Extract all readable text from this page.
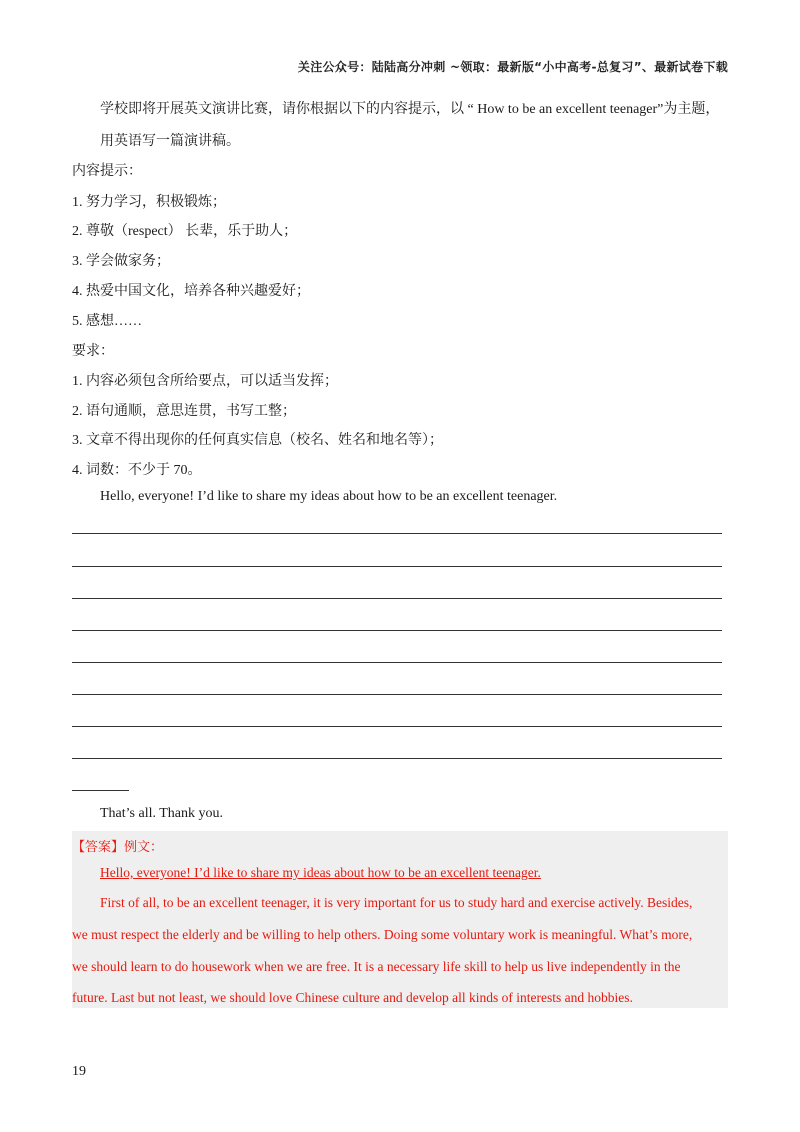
关注公众号：陆陆高分冲刺 ~领取：最新版“小中高考-总复习”、最新试卷下载
学校即将开展英文演讲比赛，请你根据以下的内容提示，以 “ How to be an excellent teenager”为主题，
用英语写一篇演讲稿。
内容提示：
1. 努力学习，积极锻炼；
2. 尊敬（respect） 长辈，乐于助人；
3. 学会做家务；
4. 热爱中国文化，培养各种兴趣爱好；
5. 感想……
要求：
1. 内容必须包含所给要点，可以适当发挥；
2. 语句通顺，意思连贯，书写工整；
3. 文章不得出现你的任何真实信息（校名、姓名和地名等）；
4. 词数：不少于 70。
Hello, everyone! I’d like to share my ideas about how to be an excellent teenager.
That’s all. Thank you.
【答案】例文：
Hello, everyone! I’d like to share my ideas about how to be an excellent teenager.
First of all, to be an excellent teenager, it is very important for us to study hard and exercise actively. Besides,
we must respect the elderly and be willing to help others. Doing some voluntary work is meaningful. What’s more,
we should learn to do housework when we are free. It is a necessary life skill to help us live independently in the
future. Last but not least, we should love Chinese culture and develop all kinds of interests and hobbies.
19
